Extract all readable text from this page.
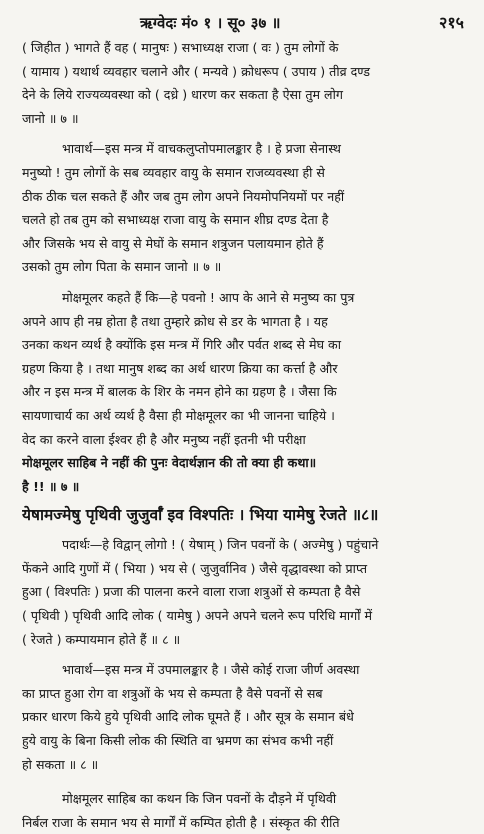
ऋग्वेदः मं० १ । सू० ३७ ॥	२१५

( जिहीत ) भागते हैं वह ( मानुषः ) सभाध्यक्ष राजा ( वः ) तुम लोगों के
( यामाय ) यथार्थ व्यवहार चलाने और ( मन्यवे ) क्रोधरूप ( उपाय ) तीव्र दण्ड
देने के लिये राज्यव्यवस्था को ( दध्रे ) धारण कर सकता है ऐसा तुम लोग
जानो ॥ ७ ॥

भावार्थ—इस मन्त्र में वाचकलुप्तोपमालङ्कार है । हे प्रजा सेनास्थ
मनुष्यो ! तुम लोगों के सब व्यवहार वायु के समान राजव्यवस्था ही से
ठीक ठीक चल सकते हैं और जब तुम लोग अपने नियमोपनियमों पर नहीं
चलते हो तब तुम को सभाध्यक्ष राजा वायु के समान शीघ्र दण्ड देता है
और जिसके भय से वायु से मेघों के समान शत्रुजन पलायमान होते हैं
उसको तुम लोग पिता के समान जानो ॥ ७ ॥

मोक्षमूलर कहते हैं कि—हे पवनो ! आप के आने से मनुष्य का पुत्र
अपने आप ही नम्र होता है तथा तुम्हारे क्रोध से डर के भागता है । यह
उनका कथन व्यर्थ है क्योंकि इस मन्त्र में गिरि और पर्वत शब्द से मेघ का
ग्रहण किया है । तथा मानुष शब्द का अर्थ धारण क्रिया का कर्त्ता है और
और न इस मन्त्र में बालक के शिर के नमन होने का ग्रहण है । जैसा कि
सायणाचार्य का अर्थ व्यर्थ है वैसा ही मोक्षमूलर का भी जानना चाहिये ।
वेद का करने वाला ईश्वर ही है और मनुष्य नहीं इतनी भी परीक्षा
मोक्षमूलर साहिब ने नहीं की पुनः वेदार्थज्ञान की तो क्या ही कथा॥
है !! ॥ ७ ॥

येषामज्मेषु पृथिवी जुजुर्वाँ इव विश्पतिः । भिया यामेषु रेजते ॥८॥

पदार्थः—हे विद्वान् लोगो ! ( येषाम् ) जिन पवनों के ( अज्मेषु ) पहुंचाने
फेंकने आदि गुणों में ( भिया ) भय से ( जुजुर्वानिव ) जैसे वृद्धावस्था को प्राप्त
हुआ ( विश्पतिः ) प्रजा की पालना करने वाला राजा शत्रुओं से कम्पता है वैसे
( पृथिवी ) पृथिवी आदि लोक ( यामेषु ) अपने अपने चलने रूप परिधि मार्गों में
( रेजते ) कम्पायमान होते हैं ॥ ८ ॥

भावार्थ—इस मन्त्र में उपमालङ्कार है । जैसे कोई राजा जीर्ण अवस्था
का प्राप्त हुआ रोग वा शत्रुओं के भय से कम्पता है वैसे पवनों से सब
प्रकार धारण किये हुये पृथिवी आदि लोक घूमते हैं । और सूत्र के समान बंधे
हुये वायु के बिना किसी लोक की स्थिति वा भ्रमण का संभव कभी नहीं
हो सकता ॥ ८ ॥

मोक्षमूलर साहिब का कथन कि जिन पवनों के दौड़ने में पृथिवी
निर्बल राजा के समान भय से मार्गों में कम्पित होती है । संस्कृत की रीति
